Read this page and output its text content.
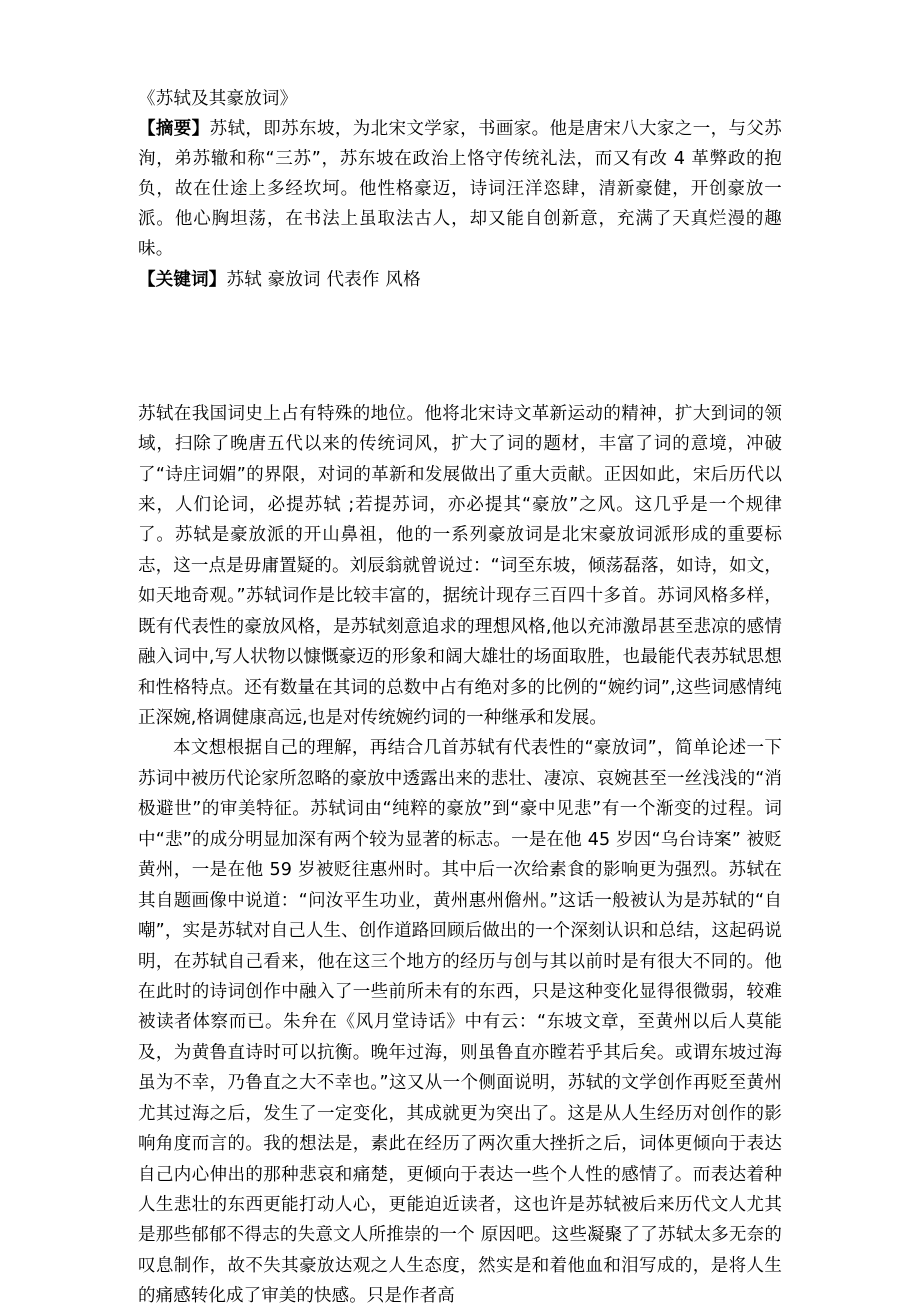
《苏轼及其豪放词》
【摘要】苏轼，即苏东坡，为北宋文学家，书画家。他是唐宋八大家之一，与父苏洵，弟苏辙和称“三苏”，苏东坡在政治上恪守传统礼法，而又有改 4 革弊政的抱负，故在仕途上多经坎坷。他性格豪迈，诗词汪洋恣肆，清新豪健，开创豪放一派。他心胸坦荡，在书法上虽取法古人，却又能自创新意，充满了天真烂漫的趣味。
【关键词】苏轼 豪放词 代表作 风格

苏轼在我国词史上占有特殊的地位。他将北宋诗文革新运动的精神，扩大到词的领域，扫除了晚唐五代以来的传统词风，扩大了词的题材，丰富了词的意境，冲破了“诗庄词媚”的界限，对词的革新和发展做出了重大贡献。正因如此，宋后历代以来，人们论词，必提苏轼 ;若提苏词，亦必提其“豪放”之风。这几乎是一个规律了。苏轼是豪放派的开山鼻祖，他的一系列豪放词是北宋豪放词派形成的重要标志，这一点是毋庸置疑的。刘辰翁就曾说过：“词至东坡，倾荡磊落，如诗，如文，如天地奇观。”苏轼词作是比较丰富的，据统计现存三百四十多首。苏词风格多样，既有代表性的豪放风格，是苏轼刻意追求的理想风格,他以充沛激昂甚至悲凉的感情融入词中,写人状物以慷慨豪迈的形象和阔大雄壮的场面取胜，也最能代表苏轼思想和性格特点。还有数量在其词的总数中占有绝对多的比例的“婉约词”,这些词感情纯正深婉,格调健康高远,也是对传统婉约词的一种继承和发展。

本文想根据自己的理解，再结合几首苏轼有代表性的“豪放词”，简单论述一下苏词中被历代论家所忽略的豪放中透露出来的悲壮、凄凉、哀婉甚至一丝浅浅的“消极避世”的审美特征。苏轼词由“纯粹的豪放”到“豪中见悲”有一个渐变的过程。词中“悲”的成分明显加深有两个较为显著的标志。一是在他 45 岁因“乌台诗案” 被贬黄州，一是在他 59 岁被贬往惠州时。其中后一次给素食的影响更为强烈。苏轼在其自题画像中说道：“问汝平生功业，黄州惠州儋州。”这话一般被认为是苏轼的“自嘲”，实是苏轼对自己人生、创作道路回顾后做出的一个深刻认识和总结，这起码说明，在苏轼自己看来，他在这三个地方的经历与创与其以前时是有很大不同的。他在此时的诗词创作中融入了一些前所未有的东西，只是这种变化显得很微弱，较难被读者体察而已。朱弁在《风月堂诗话》中有云：“东坡文章，至黄州以后人莫能及，为黄鲁直诗时可以抗衡。晚年过海，则虽鲁直亦瞠若乎其后矣。或谓东坡过海虽为不幸，乃鲁直之大不幸也。”这又从一个侧面说明，苏轼的文学创作再贬至黄州尤其过海之后，发生了一定变化，其成就更为突出了。这是从人生经历对创作的影响角度而言的。我的想法是，素此在经历了两次重大挫折之后，词体更倾向于表达自己内心伸出的那种悲哀和痛楚，更倾向于表达一些个人性的感情了。而表达着种人生悲壮的东西更能打动人心，更能迫近读者，这也许是苏轼被后来历代文人尤其是那些郁郁不得志的失意文人所推崇的一个 原因吧。这些凝聚了了苏轼太多无奈的叹息制作，故不失其豪放达观之人生态度，然实是和着他血和泪写成的，是将人生的痛感转化成了审美的快感。只是作者高
